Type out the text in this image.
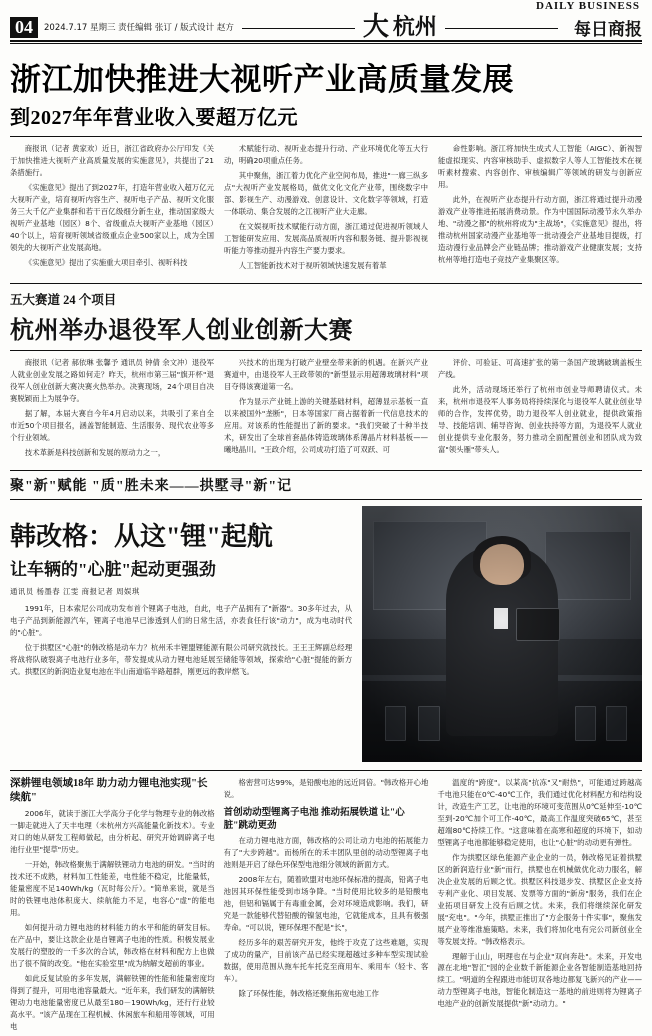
DAILY BUSINESS
04	2024.7.17 星期三 责任编辑 张订 / 版式设计 赵方	大 杭州	每日商报
浙江加快推进大视听产业高质量发展
到2027年年营业收入要超万亿元

商报讯（记者 黄家欢）近日，浙江省政府办公厅印发《关于加快推进大视听产业高质量发展的实施意见》，共提出了21条措施行。

《实施意见》提出了到2027年，打造年营业收入超万亿元大视听产业，培育视听内容生产、视听电子产品、视听文化服务三大千亿产业集群和若干百亿级细分新生业，推动国家级大视听产业基地（园区）8个、省级重点大视听产业基地（园区）40个以上，培育视听领域省级重点企业500家以上，成为全国领先的大视听产业发展高地。

《实施意见》提出了实施重大项目牵引、视听科技

术赋能行动、视听业态提升行动、产业环境优化等五大行动，明确20项重点任务。

其中聚焦，浙江着力优化产业空间布局，推进"一廊三纵多点"大视听产业发展格局，做优文化文化产业带，围绕数字中部、影视生产、动漫游戏、创意设计、文化数字等领域，打造一体联动、集合发展的之江视听产业大走廊。

在文娱视听技术赋能行动方面，浙江通过促进视听领域人工智能研发应用、发展高品质视听内容和服务链、提升影视视听能力等推动提升内容生产要力要求。

人工智能新技术对于视听领域快速发展有着革

命性影响。浙江将加快生成式人工智能（AIGC）、新视智能虚拟现实、内容审核助手、虚拟数字人等人工智能技术在视听素材搜索、内容创作、审核编辑广等领域的研发与创新应用。

此外，在视听产业态提升行动方面，浙江将通过提升动漫游戏产业等推进拓展消费动景。作为中国国际动漫节永久举办地、"动漫之都"的杭州将成为"主战场"，《实施意见》提出，将推动杭州国家动漫产业基地等一批动漫会产业基地目提级，打造动漫行业品牌会产业链品牌；推动游戏产业健康发展；支持杭州等地打造电子竞技产业集聚区等。

五大赛道 24 个项目
杭州举办退役军人创业创新大赛

商报讯（记者 郝依琳 张馨予 通讯员 钟倩 余文冲）退役军人就业创业发展之路如何走？昨天，杭州市第三届"旗开杯"退役军人创业创新大赛决赛火热举办。决赛现场，24个项目自决赛脱颖而上为展争夺。

据了解，本届大赛自今年4月启动以来，共吸引了来自全市近50个项目报名，涵盖智能制造、生活服务、现代农业等多个行业领域。

技术革新是科技创新和发展的原动力之一，

兴技术的出现为打破产业壁垒带来新的机遇。在新兴产业赛道中，由退役军人王政带领的"新型显示用超薄玻璃材料"项目夺得该赛道第一名。

作为显示产业链上游的关键基础材料，超薄显示基板一直以来被国外"垄断"，日本等国家厂商占据着新一代信息技术的应用。对该系的性能提出了新的要求。"我们突破了十种半技术，研发出了全球首套晶体铸造玻璃体系薄晶片材料基板——曦地晶川。"王政介绍，公司成功打造了可双跃、可

评价、可验证、可高速扩张的第一条国产玻璃破璃盖板生产线。

此外，活动现场还举行了杭州市创业导师聘请仪式。未来，杭州市退役军人事务局将持续深化与退役军人就业创业导师的合作，发挥优势，助力退役军人创业就业，提供政策指导、技能培训、辅导咨询、创业扶持等方面，为退役军人就业创业提供专业化服务，努力推动全面配置创业和团队成为致富"领头雁"带头人。

聚"新"赋能 "质"胜未来——拱墅寻"新"记
韩改格：从这"锂"起航
让车辆的"心脏"起动更强劲
通讯员 杨墨春 江雯 商报记者 周娱琪

1991年，日本索尼公司成功发布首个锂离子电池，自此，电子产品拥有了"新器"。30多年过去，从电子产品到新能源汽车，锂离子电池早已渗透到人们的日常生活，亦表食任行该"动力"，成为电动时代的"心脏"。

位于拱墅区"心脏"的韩改格是动车力？杭州禾丰锂盟锂能源有限公司研究就技长。王王王辉副总经理将战将队破裂离子电池行业多年，带发提成从动力锂电池延展至储能等领域，探索给"心脏"提能的新方式。拱墅区的新润造业复电池在半山南道临半路超群，刚更远的教岸燃飞。

深耕锂电领域18年 助力动力锂电池实现"长续航"

2006年，就读于浙江大学高分子化学与物理专业的韩改格一脚走就进入了天丰电理（未杭州方兴高能量化新技术）。专业对口的她从研发工程师做起，由分析起、研究开始调辟离子电池行业里"提草"历史。

一开始，韩改格聚焦于满解铁锂动力电池的研发。"当时的技术还不成熟，材料加工性能差，电性能不稳定，比能量低，能量密度不足140Wh/kg（瓦时每公斤）。"简单来说，就是当时的铁锂电池体积庞大、续航能力不足，电容心"虚"的能电用。

如何提升动力锂电池的材料能力的水平和能的研发目标。在产品中，要让这款企业是自锂离子电池的性质。积极发展业发展行的塑胶的一千多次的合试，韩改格在材料和配方上也做出了很不简的改变。"他在实验室里"成为纳解支超前的事业。

如此反复试验的多年发展，满解铁锂的性能和能量密度均得到了提升，可用电池容量最大。"近年来，我们研发的满解铁锂动力电池能量密度已从最至180－190Wh/kg，还行行业较高水平。"该产品现在工程机械、休闲旅车和船用等领域，可用电

格密营可达99%，是铅酸电池的远近同倍。"韩改格开心地说。

首创动动型锂离子电池 推动拓展铁道 让"心脏"跳动更劲

在动力锂电池方面，韩改格的公司让动力电池的拓展能力有了"大步跨越"。而杨所在的禾丰团队里创的动动型锂离子电池则是开启了绿色环保型电池细分领域的新面方式。

2008年左右，随着欧盟对电池环保标准的提高，铅离子电池因其环保性能受到市场争降。"当时使用比较多的是铅酸电池，但铝和镉属于有毒重金属，会对环境造成影响。我们，研究是一款能够代替铅酸的镍氢电池，它就能成本，且具有极强寿命。"可以说，锂环保理不配是"长"，

经历多年的艰苦研究开发，他终于攻克了这些难题，实现了成功的量产，目前该产品已经实现超越过多种车型实现试验数据，使用范围从拖车托车托克至商用车、乘用车（轻卡、客车）。

除了环保性能，韩改格还聚焦拓宽电池工作

温度的"跨度"。以某高"抗冻"又"耐热"，可能通过跨越高千电池只能在0℃-40℃工作，我们通过优化材料配方和结构设计，改造生产工艺，让电池的环境可变范围从0℃延伸至-10℃至到-20℃加个可工作-40℃，最高工作温度突破65℃，甚至超端80℃持续工作。"这意味着在高寒和超度的环境下，如动型锂离子电池都能够稳定使用，也让"心脏"的动动更有弹性。

作为拱墅区绿色能源产业企业的一员，韩改格见证着拱墅区的新润造行业"新"而行，拱墅也在机械做优化动力服名，解决企业发展的后顾之忧。拱墅区科技退步发、拱墅区企业支持专利产业化、项目发展、发票等方面的"新房"服务，我们在企业拓项目研发上没有后顾之忧。未来，我们将继续深化研发展"充电"。"今年，拱墅正推出了"方企服务十件实事"，聚焦发展产业等维准施策略。未来，我们将加化电有完公司新创业全等发展支持。"韩改格表示。

理解于山山，明理也在与企业"双向奔赴"。未来，开发电源在北地"智汇"园的企业数千新能源企业各智能制造基地回持续工。"明道的全程跟进市能切双各地边都复飞新兴的产业——动力型锂离子电池，智能化制造这一基地的前进则将为锂离子电池产业的创新发展提供"新"动动力。"
